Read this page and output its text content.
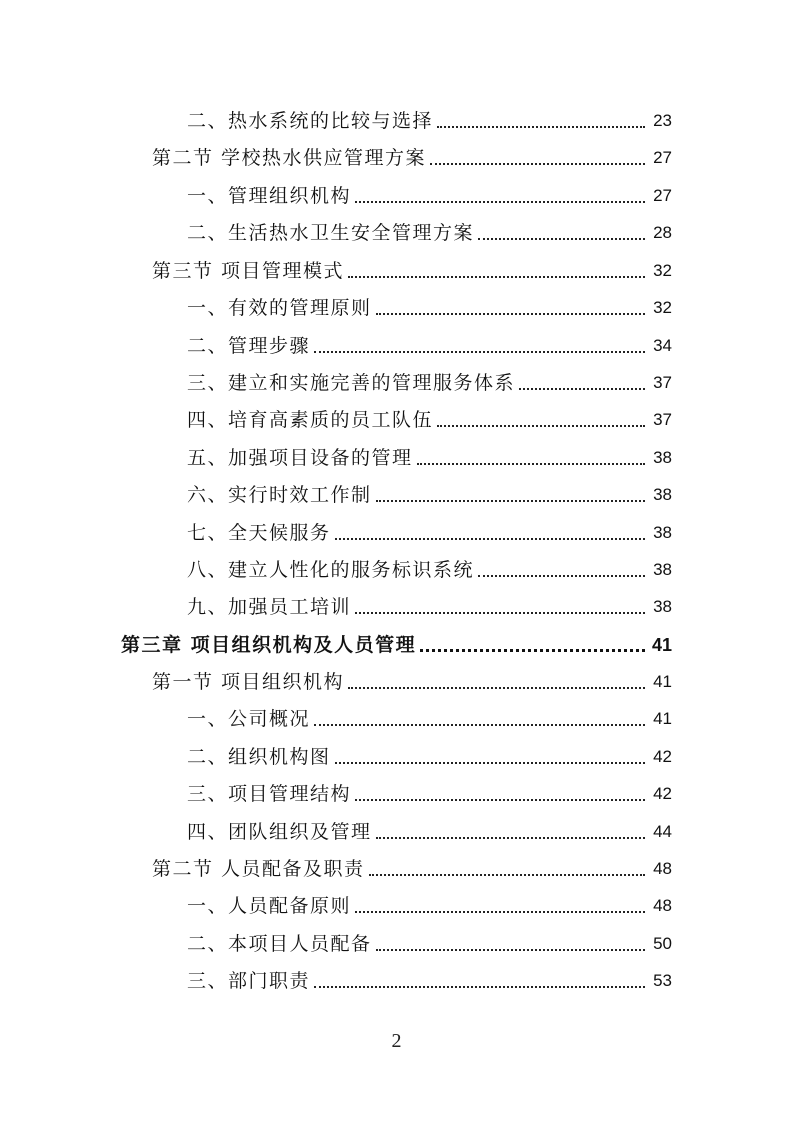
二、热水系统的比较与选择	23
第二节 学校热水供应管理方案	27
一、管理组织机构	27
二、生活热水卫生安全管理方案	28
第三节 项目管理模式	32
一、有效的管理原则	32
二、管理步骤	34
三、建立和实施完善的管理服务体系	37
四、培育高素质的员工队伍	37
五、加强项目设备的管理	38
六、实行时效工作制	38
七、全天候服务	38
八、建立人性化的服务标识系统	38
九、加强员工培训	38
第三章 项目组织机构及人员管理	41
第一节 项目组织机构	41
一、公司概况	41
二、组织机构图	42
三、项目管理结构	42
四、团队组织及管理	44
第二节 人员配备及职责	48
一、人员配备原则	48
二、本项目人员配备	50
三、部门职责	53
2
